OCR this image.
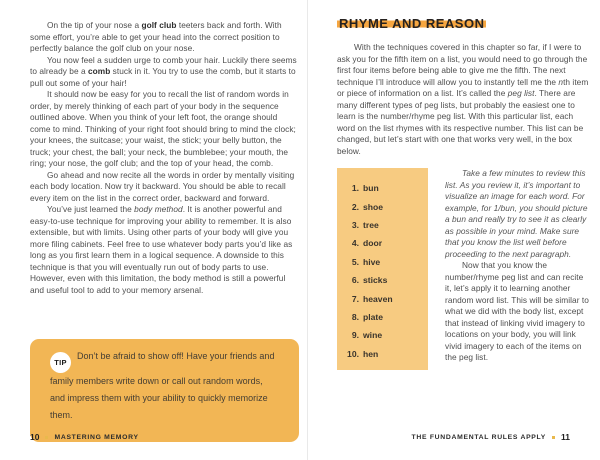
On the tip of your nose a golf club teeters back and forth. With some effort, you’re able to get your head into the correct position to perfectly balance the golf club on your nose.

You now feel a sudden urge to comb your hair. Luckily there seems to already be a comb stuck in it. You try to use the comb, but it starts to pull out some of your hair!

It should now be easy for you to recall the list of random words in order, by merely thinking of each part of your body in the sequence outlined above. When you think of your left foot, the orange should come to mind. Thinking of your right foot should bring to mind the clock; your knees, the suitcase; your waist, the stick; your belly button, the truck; your chest, the ball; your neck, the bumblebee; your mouth, the ring; your nose, the golf club; and the top of your head, the comb.

Go ahead and now recite all the words in order by mentally visiting each body location. Now try it backward. You should be able to recall every item on the list in the correct order, backward and forward.

You’ve just learned the body method. It is another powerful and easy-to-use technique for improving your ability to remember. It is also extensible, but with limits. Using other parts of your body will give you more filing cabinets. Feel free to use whatever body parts you’d like as long as you first learn them in a logical sequence. A downside to this technique is that you will eventually run out of body parts to use. However, even with this limitation, the body method is still a powerful and useful tool to add to your memory arsenal.

TIPDon’t be afraid to show off! Have your friends and family members write down or call out random words, and impress them with your ability to quickly memorize them.

10 MASTERING MEMORY
RHYME AND REASON

With the techniques covered in this chapter so far, if I were to ask you for the fifth item on a list, you would need to go through the first four items before being able to give me the fifth. The next technique I’ll introduce will allow you to instantly tell me the nth item or piece of information on a list. It’s called the peg list. There are many different types of peg lists, but probably the easiest one to learn is the number/rhyme peg list. With this particular list, each word on the list rhymes with its respective number. This list can be changed, but let’s start with one that works very well, in the box below.

1. bun
2. shoe
3. tree
4. door
5. hive
6. sticks
7. heaven
8. plate
9. wine
10. hen

Take a few minutes to review this list. As you review it, it’s important to visualize an image for each word. For example, for 1/bun, you should picture a bun and really try to see it as clearly as possible in your mind. Make sure that you know the list well before proceeding to the next paragraph.

Now that you know the number/rhyme peg list and can recite it, let’s apply it to learning another random word list. This will be similar to what we did with the body list, except that instead of linking vivid imagery to locations on your body, you will link vivid imagery to each of the items on the peg list.

THE FUNDAMENTAL RULES APPLY 11
